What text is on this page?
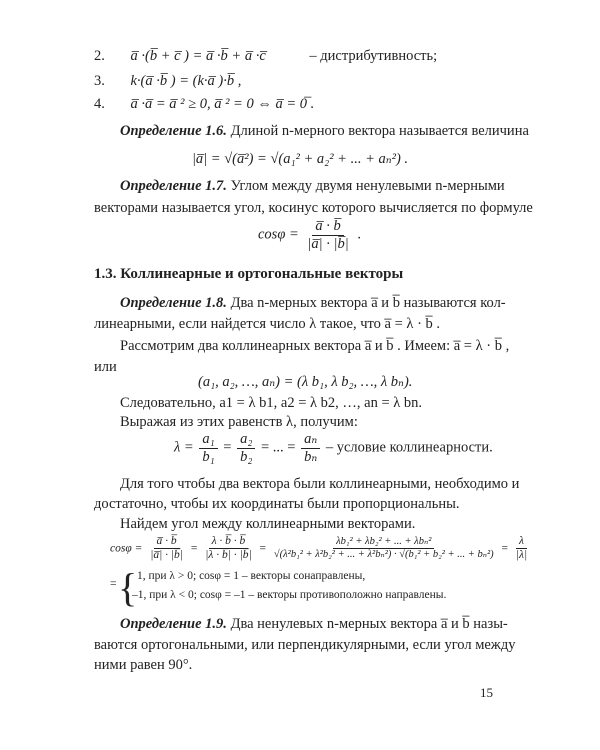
2. a̅ ·(b̅ + c̅ ) = a̅ ·b̅ + a̅ ·c̅	– дистрибутивность;
3. k·(a̅ ·b̅ ) = (k·a̅ )·b̅ ,
4. a̅ ·a̅ = a̅ ² ≥ 0, a̅ ² = 0 ⇔ a̅ = 0̅ .
Определение 1.6. Длиной n-мерного вектора называется величина
|a̅| = √(a̅²) = √(a₁² + a₂² + ... + aₙ²) .
Определение 1.7. Углом между двумя ненулевыми n-мерными
векторами называется угол, косинус которого вычисляется по формуле
$\cos\varphi = \frac{a̅ \cdot b̅}{|a̅| \cdot |b̅|}$ .
1.3. Коллинеарные и ортогональные векторы
Определение 1.8. Два n-мерных вектора a̅ и b̅ называются кол-
линеарными, если найдется число λ такое, что a̅ = λ · b̅ .
Рассмотрим два коллинеарных вектора a̅ и b̅ . Имеем: a̅ = λ · b̅ ,
или
(a₁, a₂, …, aₙ) = (λ b₁, λ b₂, …, λ bₙ).
Следовательно, a1 = λ b1, a2 = λ b2, …, an = λ bn.
Выражая из этих равенств λ, получим:
$\lambda = \frac{\text{a₁}}{\text{b₁}} = \frac{\text{a₂}}{\text{b₂}}$ = ... = $\frac{\text{aₙ}}{\text{bₙ}}$ – условие коллинеарности.
Для того чтобы два вектора были коллинеарными, необходимо и
достаточно, чтобы их координаты были пропорциональны.
Найдем угол между коллинеарными векторами.
$\cos\varphi = \frac{a̅ \cdot b̅}{|a̅| \cdot |b̅|} = \frac{\lambda \cdot b̅ \cdot b̅}{|\lambda \cdot b̅| \cdot |b̅|} = \frac{\text{λb₁² + λb₂² + ... + λbₙ²}}{\text{√(λ²b₁² + λ²b₂² + ... + λ²bₙ²) · √(b₁² + b₂² + ... + bₙ²)}} = \frac{\lambda}{|\lambda|}$
= { 1, при λ > 0; cosφ = 1 – векторы сонаправлены,
–1, при λ < 0; cosφ = –1 – векторы противоположно направлены.
Определение 1.9. Два ненулевых n-мерных вектора a̅ и b̅ назы-
ваются ортогональными, или перпендикулярными, если угол между
ними равен 90°.
15
